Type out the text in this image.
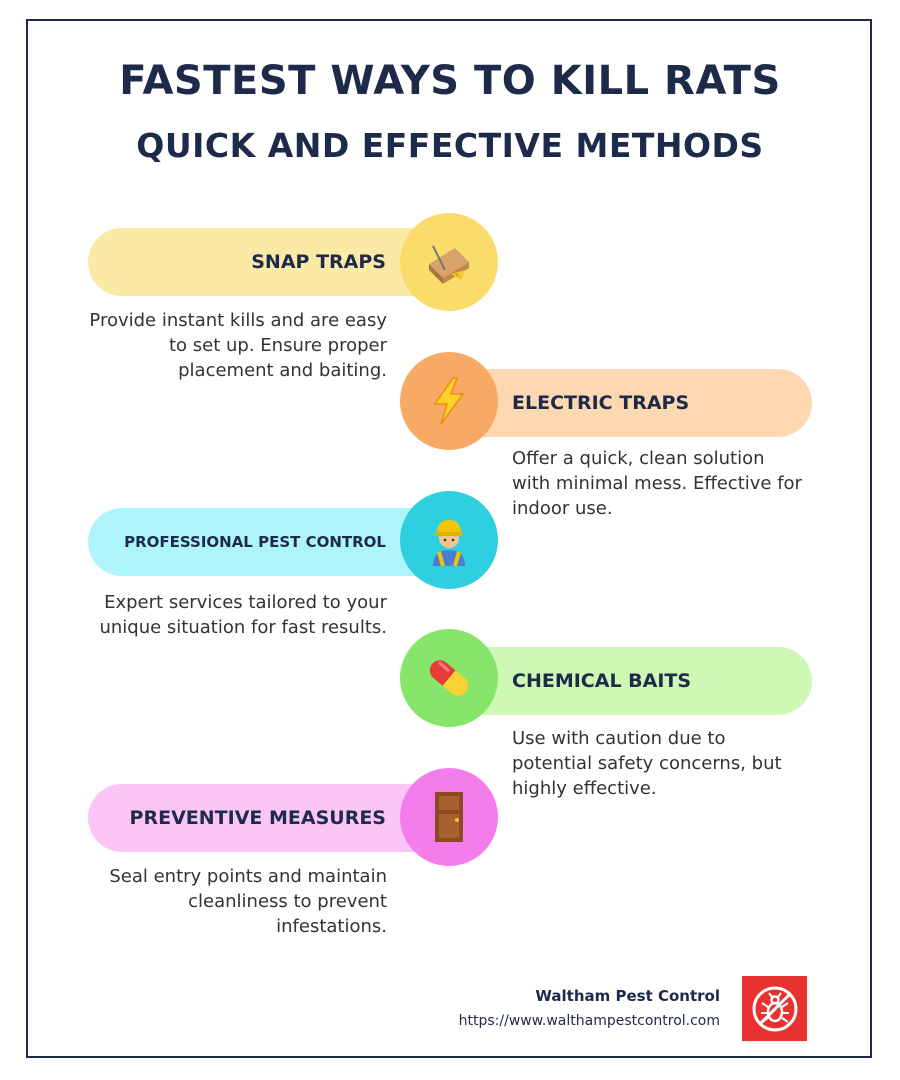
FASTEST WAYS TO KILL RATS
QUICK AND EFFECTIVE METHODS
SNAP TRAPS
Provide instant kills and are easy to set up. Ensure proper placement and baiting.
ELECTRIC TRAPS
Offer a quick, clean solution with minimal mess. Effective for indoor use.
PROFESSIONAL PEST CONTROL
Expert services tailored to your unique situation for fast results.
CHEMICAL BAITS
Use with caution due to potential safety concerns, but highly effective.
PREVENTIVE MEASURES
Seal entry points and maintain cleanliness to prevent infestations.
Waltham Pest Control
https://www.walthampestcontrol.com
